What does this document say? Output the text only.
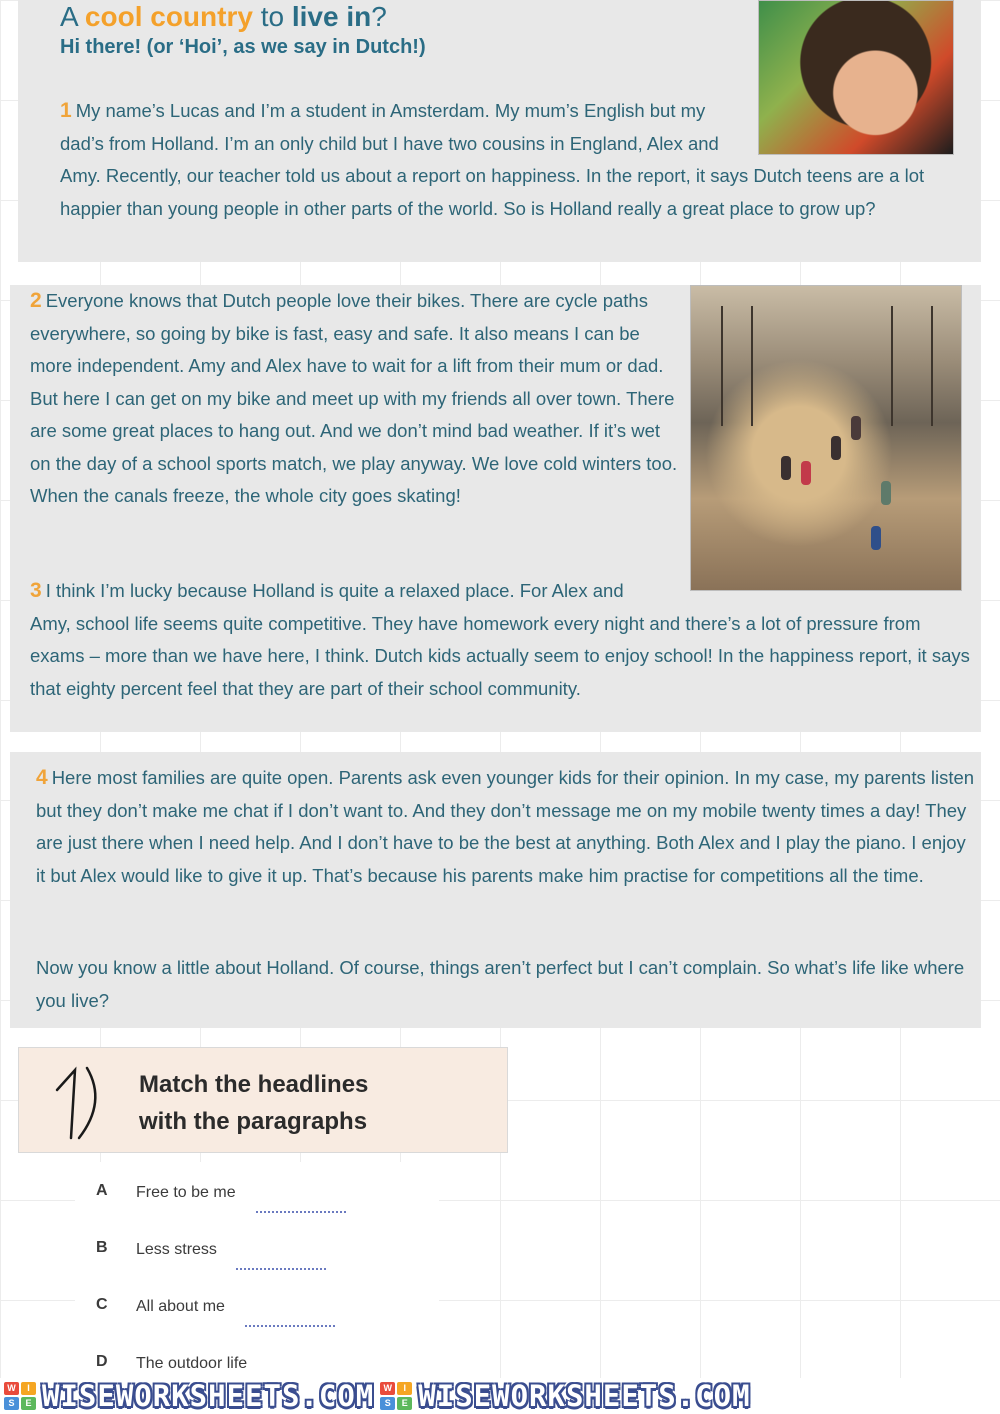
A cool country to live in?
Hi there! (or ‘Hoi’, as we say in Dutch!)

1 My name’s Lucas and I’m a student in Amsterdam. My mum’s English but my dad’s from Holland. I’m an only child but I have two cousins in England, Alex and Amy. Recently, our teacher told us about a report on happiness. In the report, it says Dutch teens are a lot happier than young people in other parts of the world. So is Holland really a great place to grow up?

2 Everyone knows that Dutch people love their bikes. There are cycle paths everywhere, so going by bike is fast, easy and safe. It also means I can be more independent. Amy and Alex have to wait for a lift from their mum or dad. But here I can get on my bike and meet up with my friends all over town. There are some great places to hang out. And we don’t mind bad weather. If it’s wet on the day of a school sports match, we play anyway. We love cold winters too. When the canals freeze, the whole city goes skating!

3 I think I’m lucky because Holland is quite a relaxed place. For Alex and Amy, school life seems quite competitive. They have homework every night and there’s a lot of pressure from exams – more than we have here, I think. Dutch kids actually seem to enjoy school! In the happiness report, it says that eighty percent feel that they are part of their school community.

4 Here most families are quite open. Parents ask even younger kids for their opinion. In my case, my parents listen but they don’t make me chat if I don’t want to. And they don’t message me on my mobile twenty times a day! They are just there when I need help. And I don’t have to be the best at anything. Both Alex and I play the piano. I enjoy it but Alex would like to give it up. That’s because his parents make him practise for competitions all the time.

Now you know a little about Holland. Of course, things aren’t perfect but I can’t complain. So what’s life like where you live?

Match the headlines
with the paragraphs
A Free to be me
B Less stress
C All about me
D The outdoor life
W	I
S	E WISEWORKSHEETS.COM	W	I
S	E WISEWORKSHEETS.COM
